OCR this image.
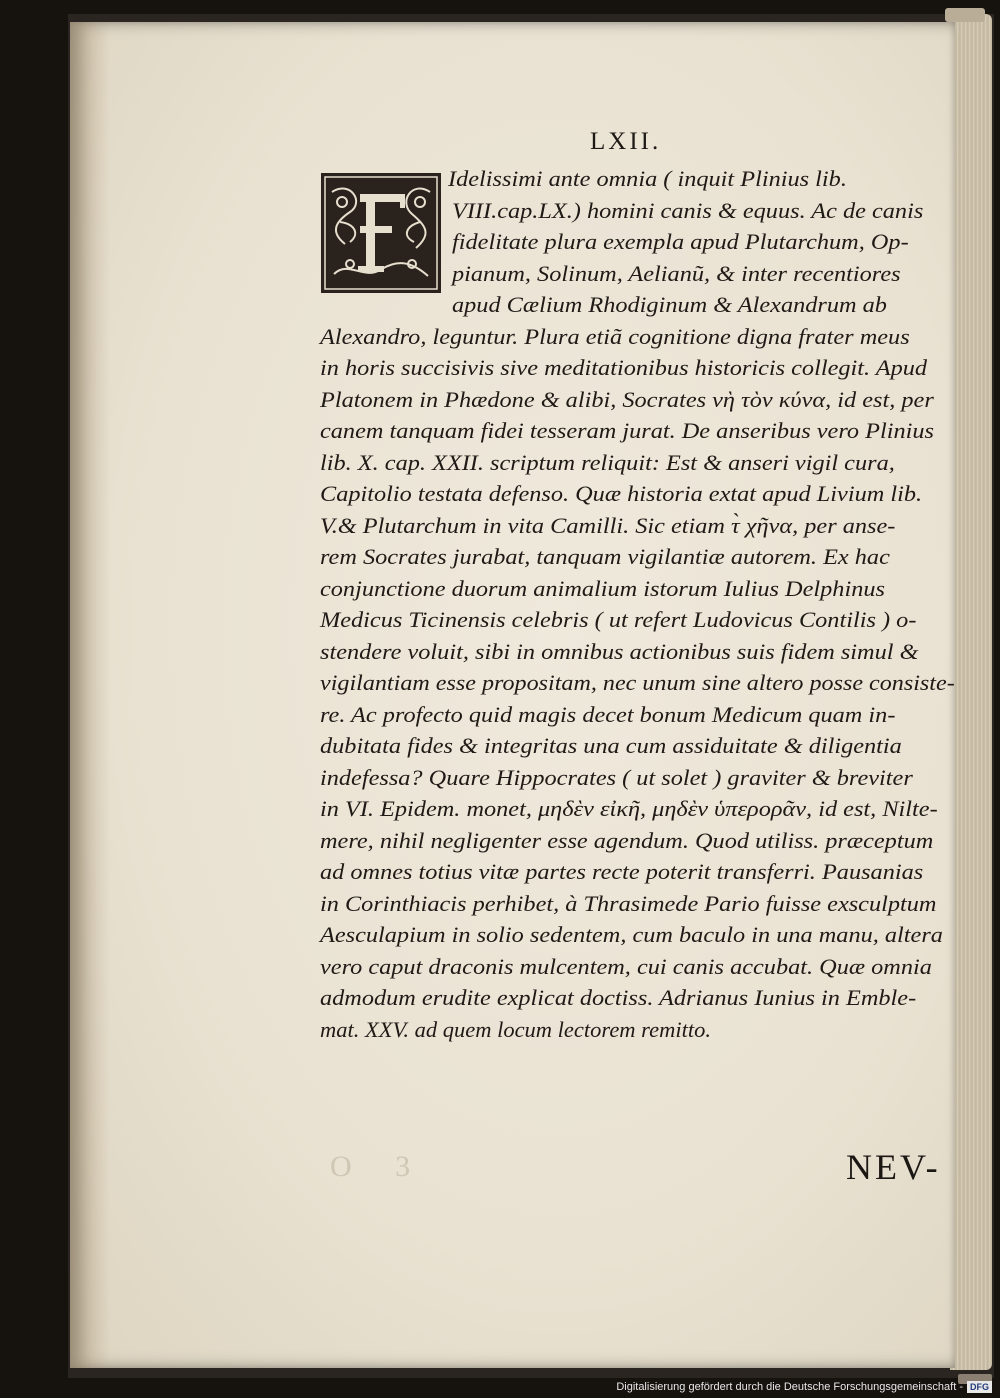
LXII.
Idelissimi ante omnia ( inquit Plinius lib.
VIII.cap.LX.) homini canis & equus. Ac de canis
fidelitate plura exempla apud Plutarchum, Op-
pianum, Solinum, Aelianũ, & inter recentiores
apud Cælium Rhodiginum & Alexandrum ab
Alexandro, leguntur. Plura etiã cognitione digna frater meus
in horis succisivis sive meditationibus historicis collegit. Apud
Platonem in Phædone & alibi, Socrates νὴ τὸν κύνα, id est, per
canem tanquam fidei tesseram jurat. De anseribus vero Plinius
lib. X. cap. XXII. scriptum reliquit: Est & anseri vigil cura,
Capitolio testata defenso. Quæ historia extat apud Livium lib.
V.& Plutarchum in vita Camilli. Sic etiam τ̀ χῆνα, per anse-
rem Socrates jurabat, tanquam vigilantiæ autorem. Ex hac
conjunctione duorum animalium istorum Iulius Delphinus
Medicus Ticinensis celebris ( ut refert Ludovicus Contilis ) o-
stendere voluit, sibi in omnibus actionibus suis fidem simul &
vigilantiam esse propositam, nec unum sine altero posse consiste-
re. Ac profecto quid magis decet bonum Medicum quam in-
dubitata fides & integritas una cum assiduitate & diligentia
indefessa? Quare Hippocrates ( ut solet ) graviter & breviter
in VI. Epidem. monet, μηδὲν εἰκῆ, μηδὲν ὑπερορᾶν, id est, Nilte-
mere, nihil negligenter esse agendum. Quod utiliss. præceptum
ad omnes totius vitæ partes recte poterit transferri. Pausanias
in Corinthiacis perhibet, à Thrasimede Pario fuisse exsculptum
Aesculapium in solio sedentem, cum baculo in una manu, altera
vero caput draconis mulcentem, cui canis accubat. Quæ omnia
admodum erudite explicat doctiss. Adrianus Iunius in Emble-
mat. XXV. ad quem locum lectorem remitto.
O 3	NEV-
Digitalisierung gefördert durch die Deutsche Forschungsgemeinschaft - DFG
